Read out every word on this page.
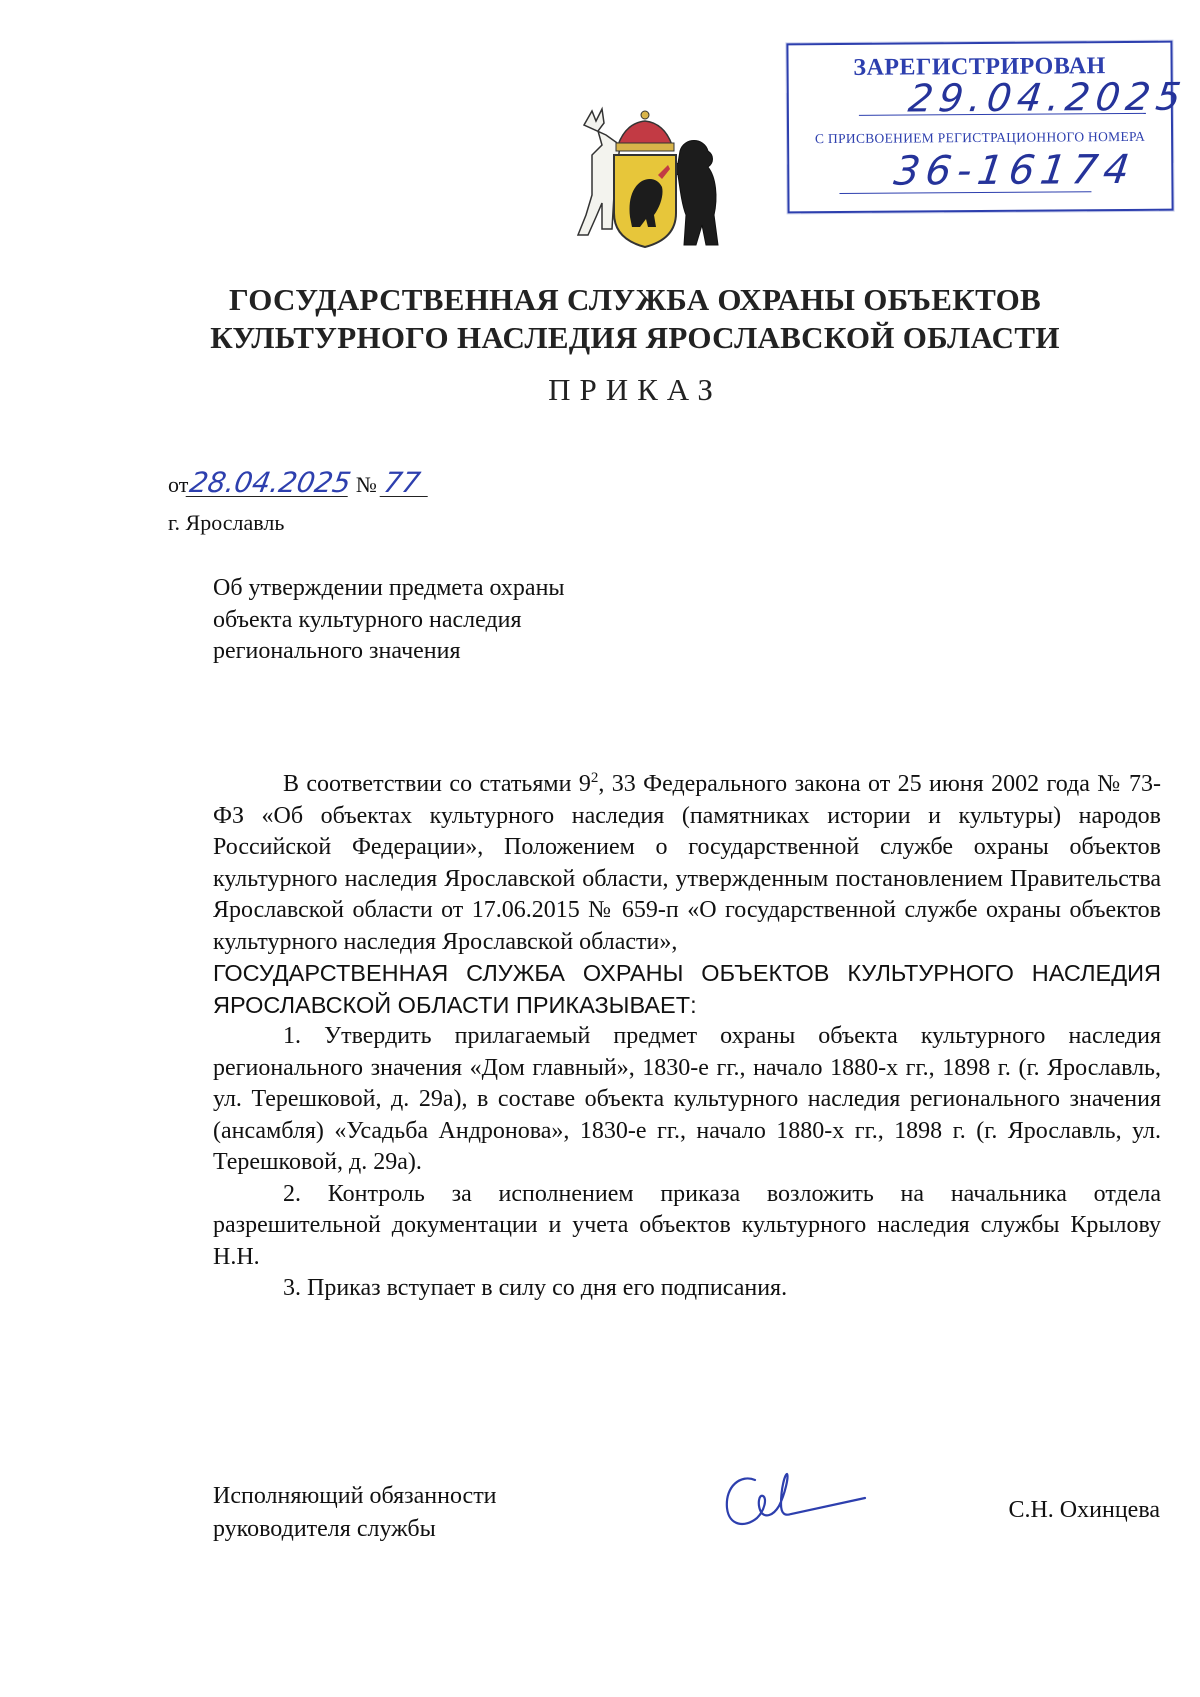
ЗАРЕГИСТРИРОВАН
29.04.2025
С ПРИСВОЕНИЕМ РЕГИСТРАЦИОННОГО НОМЕРА
36-16174
ГОСУДАРСТВЕННАЯ СЛУЖБА ОХРАНЫ ОБЪЕКТОВ
КУЛЬТУРНОГО НАСЛЕДИЯ ЯРОСЛАВСКОЙ ОБЛАСТИ
ПРИКАЗ
от28.04.2025 № 77
г. Ярославль
Об утверждении предмета охраны объекта культурного наследия регионального значения

В соответствии со статьями $9^2$, 33 Федерального закона от 25 июня 2002 года № 73-ФЗ «Об объектах культурного наследия (памятниках истории и культуры) народов Российской Федерации», Положением о государственной службе охраны объектов культурного наследия Ярославской области, утвержденным постановлением Правительства Ярославской области от 17.06.2015 № 659-п «О государственной службе охраны объектов культурного наследия Ярославской области»,

ГОСУДАРСТВЕННАЯ СЛУЖБА ОХРАНЫ ОБЪЕКТОВ КУЛЬТУРНОГО НАСЛЕДИЯ ЯРОСЛАВСКОЙ ОБЛАСТИ ПРИКАЗЫВАЕТ:

1. Утвердить прилагаемый предмет охраны объекта культурного наследия регионального значения «Дом главный», 1830-е гг., начало 1880-х гг., 1898 г. (г. Ярославль, ул. Терешковой, д. 29а), в составе объекта культурного наследия регионального значения (ансамбля) «Усадьба Андронова», 1830-е гг., начало 1880-х гг., 1898 г. (г. Ярославль, ул. Терешковой, д. 29а).

2. Контроль за исполнением приказа возложить на начальника отдела разрешительной документации и учета объектов культурного наследия службы Крылову Н.Н.

3. Приказ вступает в силу со дня его подписания.

Исполняющий обязанности
руководителя службы
С.Н. Охинцева
